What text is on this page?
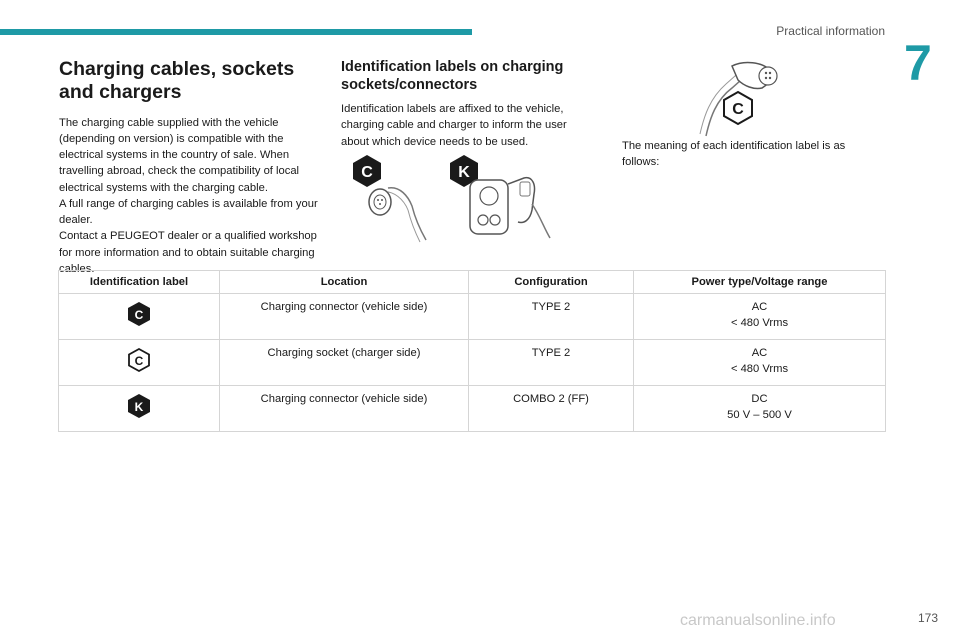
Practical information
7
Charging cables, sockets
and chargers

The charging cable supplied with the vehicle (depending on version) is compatible with the electrical systems in the country of sale. When travelling abroad, check the compatibility of local electrical systems with the charging cable.

A full range of charging cables is available from your dealer.

Contact a PEUGEOT dealer or a qualified workshop for more information and to obtain suitable charging cables.

Identification labels on charging sockets/connectors

Identification labels are affixed to the vehicle, charging cable and charger to inform the user about which device needs to be used.

C	K
C

The meaning of each identification label is as follows:

Identification label	Location	Configuration	Power type/Voltage range

C	Charging connector (vehicle side)	TYPE 2	AC
< 480 Vrms

C	Charging socket (charger side)	TYPE 2	AC
< 480 Vrms

K	Charging connector (vehicle side)	COMBO 2 (FF)	DC
50 V – 500 V
carmanualsonline.info	173
